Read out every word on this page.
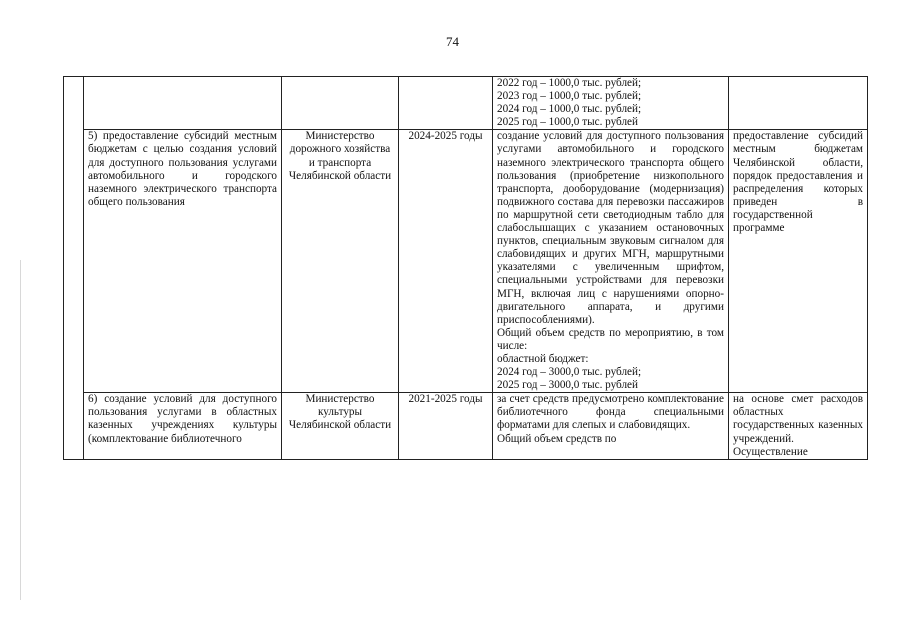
74

				2022 год – 1000,0 тыс. рублей;
2023 год – 1000,0 тыс. рублей;
2024 год – 1000,0 тыс. рублей;
2025 год – 1000,0 тыс. рублей	

	5) предоставление субсидий местным бюджетам с целью создания условий для доступного пользования услугами автомобильного и городского наземного электрического транспорта общего пользования	Министерство дорожного хозяйства и транспорта Челябинской области	2024-2025 годы	создание условий для доступного пользования услугами автомобильного и городского наземного электрического транспорта общего пользования (приобретение низкопольного транспорта, дооборудование (модернизация) подвижного состава для перевозки пассажиров по маршрутной сети светодиодным табло для слабослышащих с указанием остановочных пунктов, специальным звуковым сигналом для слабовидящих и других МГН, маршрутными указателями с увеличенным шрифтом, специальными устройствами для перевозки МГН, включая лиц с нарушениями опорно-двигательного аппарата, и другими приспособлениями).
Общий объем средств по мероприятию, в том числе:
областной бюджет:
2024 год – 3000,0 тыс. рублей;
2025 год – 3000,0 тыс. рублей	предоставление субсидий местным бюджетам Челябинской области, порядок предоставления и распределения которых приведен в государственной программе
	6) создание условий для доступного пользования услугами в областных казенных учреждениях культуры (комплектование библиотечного	Министерство культуры Челябинской области	2021-2025 годы	за счет средств предусмотрено комплектование библиотечного фонда специальными форматами для слепых и слабовидящих.
Общий объем средств по	на основе смет расходов областных государственных казенных учреждений. Осуществление
